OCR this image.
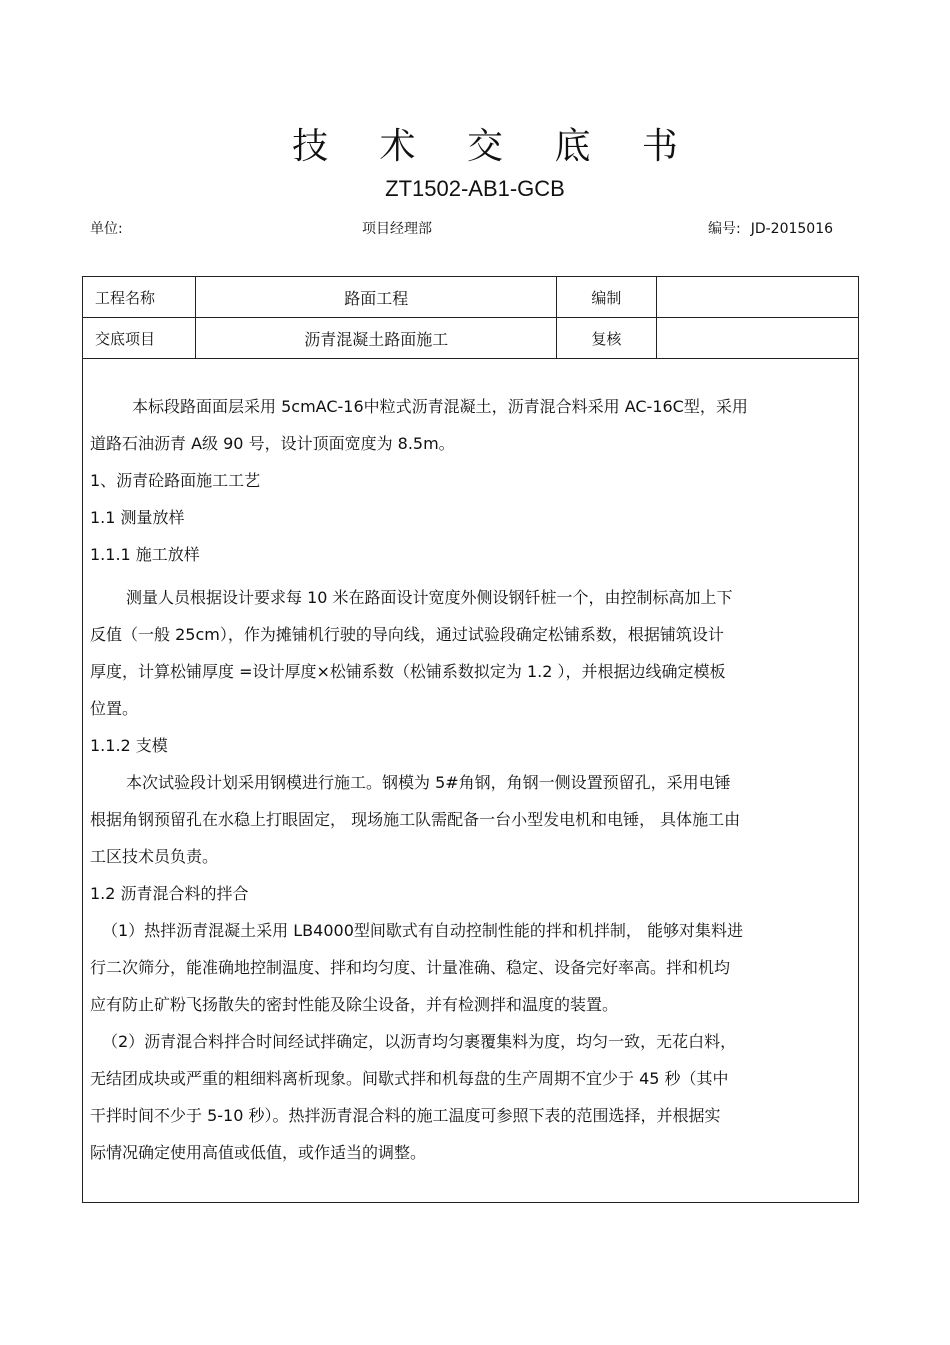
技 术 交 底 书
ZT1502-AB1-GCB
单位:	项目经理部	编号: JD-2015016
工程名称	路面工程	编制	
交底项目	沥青混凝土路面施工	复核	

本标段路面面层采用 5cmAC-16中粒式沥青混凝土，沥青混合料采用 AC-16C型，采用

道路石油沥青 A级 90 号，设计顶面宽度为 8.5m。

1、沥青砼路面施工工艺

1.1 测量放样

1.1.1 施工放样

测量人员根据设计要求每 10 米在路面设计宽度外侧设钢钎桩一个，由控制标高加上下

反值（一般 25cm），作为摊铺机行驶的导向线，通过试验段确定松铺系数，根据铺筑设计

厚度，计算松铺厚度 =设计厚度×松铺系数（松铺系数拟定为 1.2 ），并根据边线确定模板

位置。

1.1.2 支模

本次试验段计划采用钢模进行施工。钢模为 5#角钢，角钢一侧设置预留孔，采用电锤

根据角钢预留孔在水稳上打眼固定， 现场施工队需配备一台小型发电机和电锤， 具体施工由

工区技术员负责。

1.2 沥青混合料的拌合

（1）热拌沥青混凝土采用 LB4000型间歇式有自动控制性能的拌和机拌制， 能够对集料进

行二次筛分，能准确地控制温度、拌和均匀度、计量准确、稳定、设备完好率高。拌和机均

应有防止矿粉飞扬散失的密封性能及除尘设备，并有检测拌和温度的装置。

（2）沥青混合料拌合时间经试拌确定，以沥青均匀裹覆集料为度，均匀一致，无花白料，

无结团成块或严重的粗细料离析现象。间歇式拌和机每盘的生产周期不宜少于 45 秒（其中

干拌时间不少于 5-10 秒）。热拌沥青混合料的施工温度可参照下表的范围选择，并根据实

际情况确定使用高值或低值，或作适当的调整。
